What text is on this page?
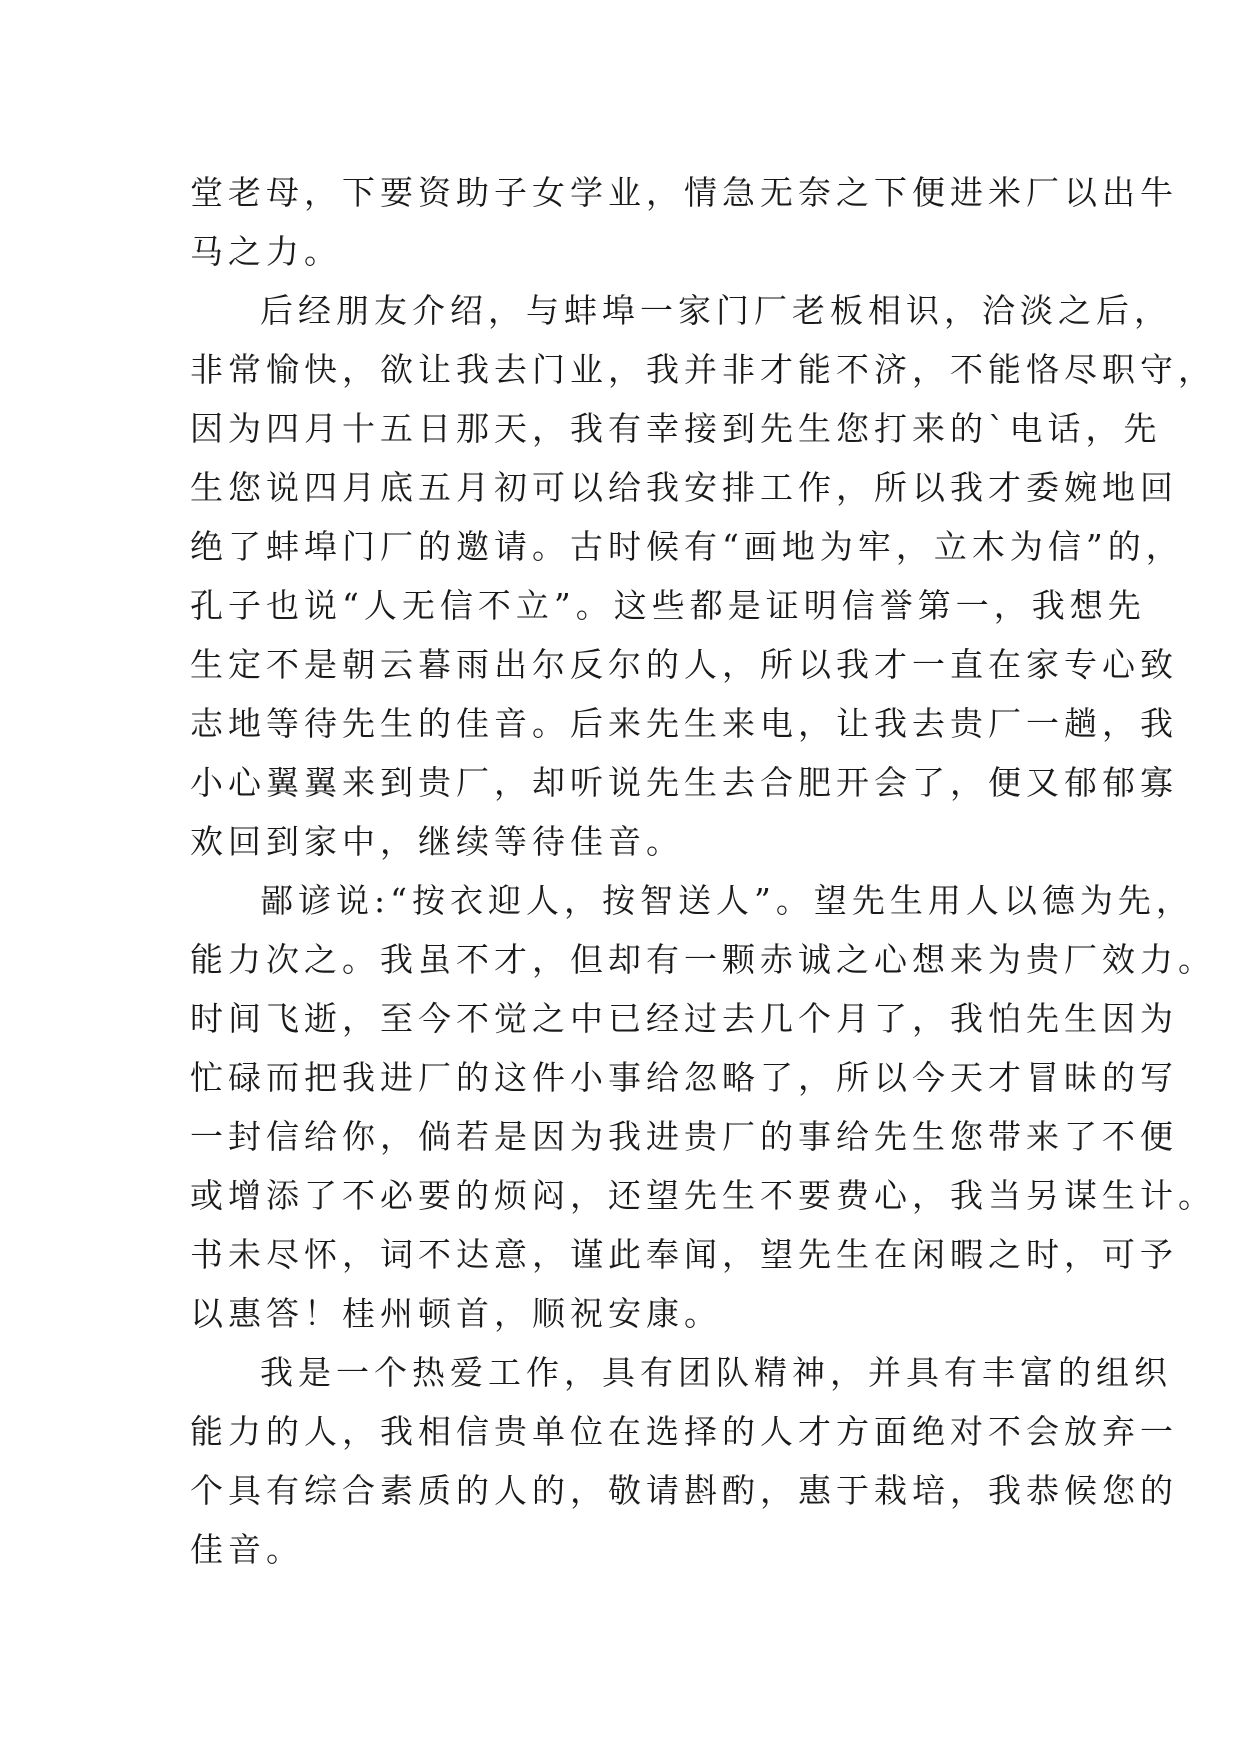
堂老母，下要资助子女学业，情急无奈之下便进米厂以出牛
马之力。
后经朋友介绍，与蚌埠一家门厂老板相识，洽淡之后，
非常愉快，欲让我去门业，我并非才能不济，不能恪尽职守，
因为四月十五日那天，我有幸接到先生您打来的`电话，先
生您说四月底五月初可以给我安排工作，所以我才委婉地回
绝了蚌埠门厂的邀请。古时候有“画地为牢，立木为信”的，
孔子也说“人无信不立”。这些都是证明信誉第一，我想先
生定不是朝云暮雨出尔反尔的人，所以我才一直在家专心致
志地等待先生的佳音。后来先生来电，让我去贵厂一趟，我
小心翼翼来到贵厂，却听说先生去合肥开会了，便又郁郁寡
欢回到家中，继续等待佳音。
鄙谚说:“按衣迎人，按智送人”。望先生用人以德为先，
能力次之。我虽不才，但却有一颗赤诚之心想来为贵厂效力。
时间飞逝，至今不觉之中已经过去几个月了，我怕先生因为
忙碌而把我进厂的这件小事给忽略了，所以今天才冒昧的写
一封信给你，倘若是因为我进贵厂的事给先生您带来了不便
或增添了不必要的烦闷，还望先生不要费心，我当另谋生计。
书未尽怀，词不达意，谨此奉闻，望先生在闲暇之时，可予
以惠答！桂州顿首，顺祝安康。
我是一个热爱工作，具有团队精神，并具有丰富的组织
能力的人，我相信贵单位在选择的人才方面绝对不会放弃一
个具有综合素质的人的，敬请斟酌，惠于栽培，我恭候您的
佳音。
